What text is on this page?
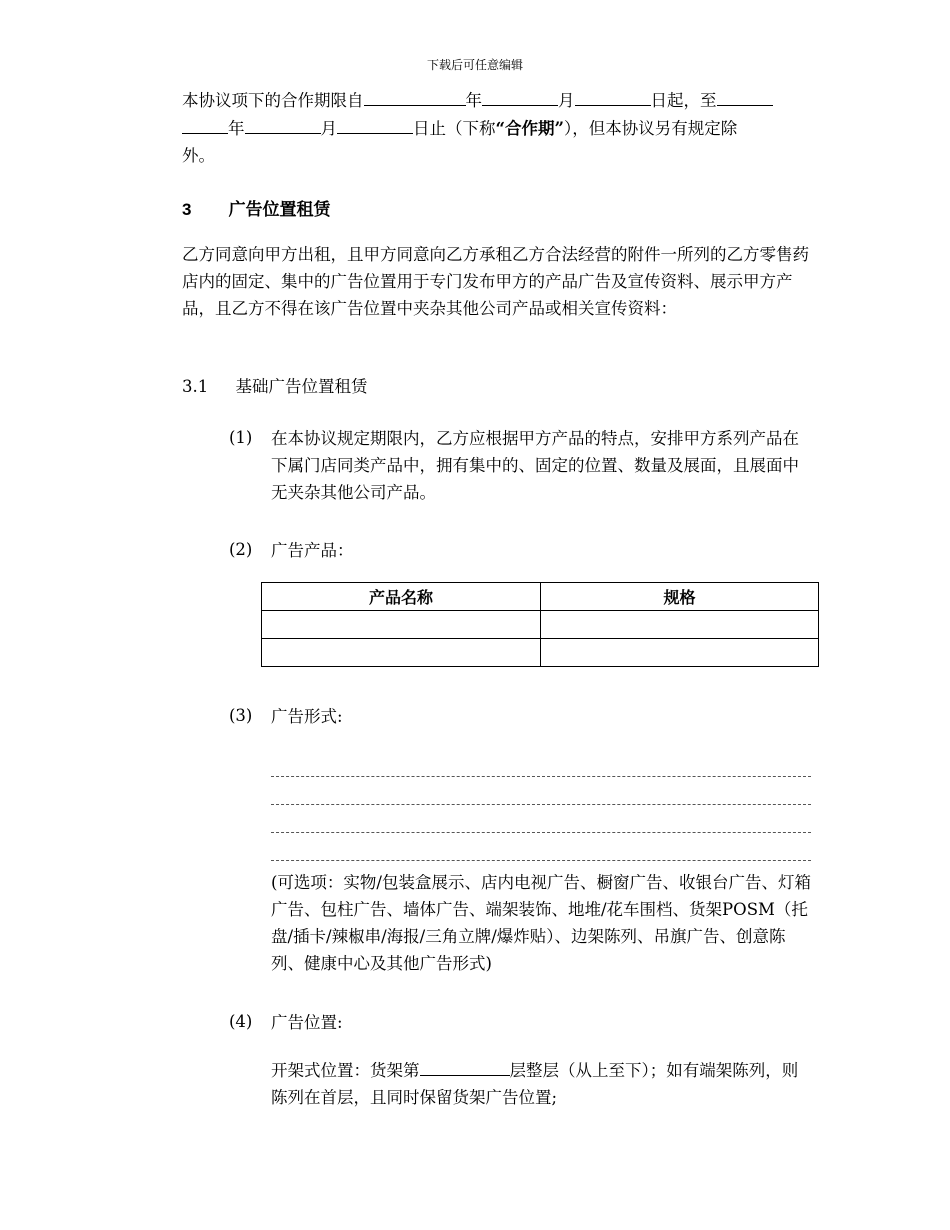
下载后可任意编辑
本协议项下的合作期限自	年	月	日起，至
年	月	日止（下称“合作期”），但本协议另有规定除
外。
3 广告位置租赁
乙方同意向甲方出租，且甲方同意向乙方承租乙方合法经营的附件一所列的乙方零售药店内的固定、集中的广告位置用于专门发布甲方的产品广告及宣传资料、展示甲方产品，且乙方不得在该广告位置中夹杂其他公司产品或相关宣传资料：
3.1 基础广告位置租赁
(1) 在本协议规定期限内，乙方应根据甲方产品的特点，安排甲方系列产品在下属门店同类产品中，拥有集中的、固定的位置、数量及展面，且展面中无夹杂其他公司产品。
(2) 广告产品：
产品名称	规格

(3) 广告形式:
(可选项：实物/包装盒展示、店内电视广告、橱窗广告、收银台广告、灯箱广告、包柱广告、墙体广告、端架装饰、地堆/花车围档、货架POSM（托盘/插卡/辣椒串/海报/三角立牌/爆炸贴）、边架陈列、吊旗广告、创意陈列、健康中心及其他广告形式)
(4) 广告位置:
开架式位置：货架第	层整层（从上至下）；如有端架陈列，则陈列在首层，且同时保留货架广告位置;
